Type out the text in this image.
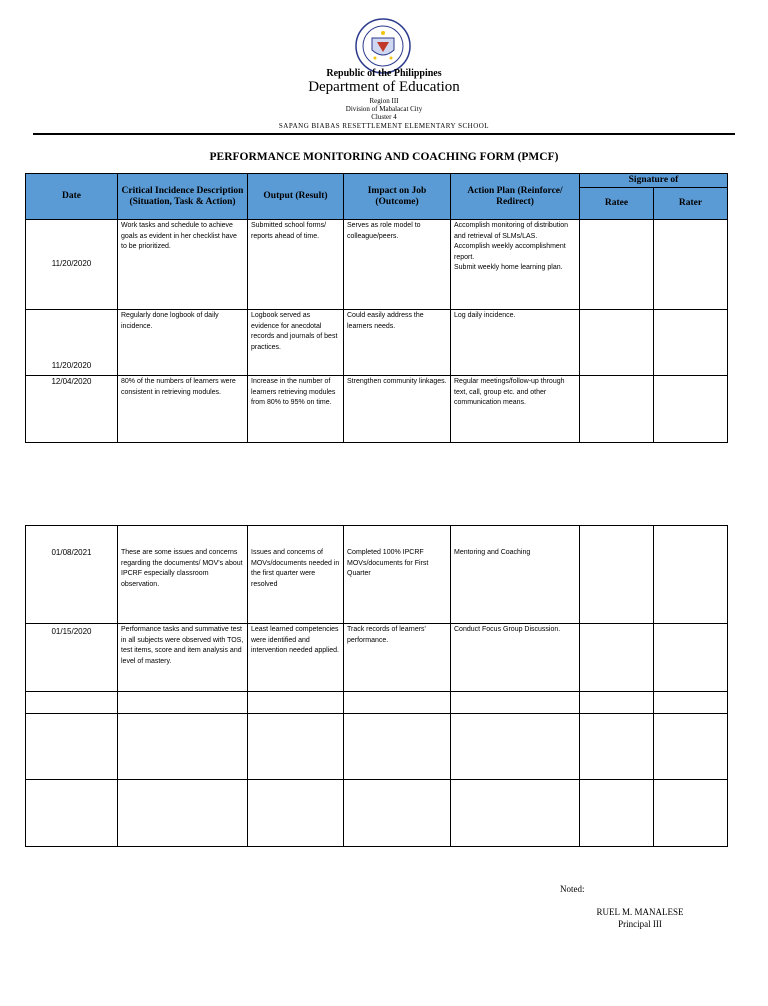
Republic of the Philippines
Department of Education
Region III
Division of Mabalacat City
Cluster 4
SAPANG BIABAS RESETTLEMENT ELEMENTARY SCHOOL
PERFORMANCE MONITORING AND COACHING FORM (PMCF)
Date	Critical Incidence Description (Situation, Task & Action)	Output (Result)	Impact on Job (Outcome)	Action Plan (Reinforce/ Redirect)	Signature of	
					Ratee	Rater
11/20/2020	Work tasks and schedule to achieve goals as evident in her checklist have to be prioritized.	Submitted school forms/ reports ahead of time.	Serves as role model to colleague/peers.	Accomplish monitoring of distribution and retrieval of SLMs/LAS.
Accomplish weekly accomplishment report.
Submit weekly home learning plan.		

11/20/2020	Regularly done logbook of daily incidence.	Logbook served as evidence for anecdotal records and journals of best practices.	Could easily address the learners needs.	Log daily incidence.		
12/04/2020	80% of the numbers of learners were consistent in retrieving modules.	Increase in the number of learners retrieving modules from 80% to 95% on time.	Strengthen community linkages.	Regular meetings/follow-up through text, call, group etc. and other communication means.		
01/08/2021	These are some issues and concerns regarding the documents/ MOV's about IPCRF especially classroom observation.	Issues and concerns of MOVs/documents needed in the first quarter were resolved	Completed 100% IPCRF MOVs/documents for First Quarter	Mentoring and Coaching		
01/15/2020	Performance tasks and summative test in all subjects were observed with TOS, test items, score and item analysis and level of mastery.	Least learned competencies were identified and intervention needed applied.	Track records of learners' performance.	Conduct Focus Group Discussion.		

Noted:
RUEL M. MANALESE
Principal III
